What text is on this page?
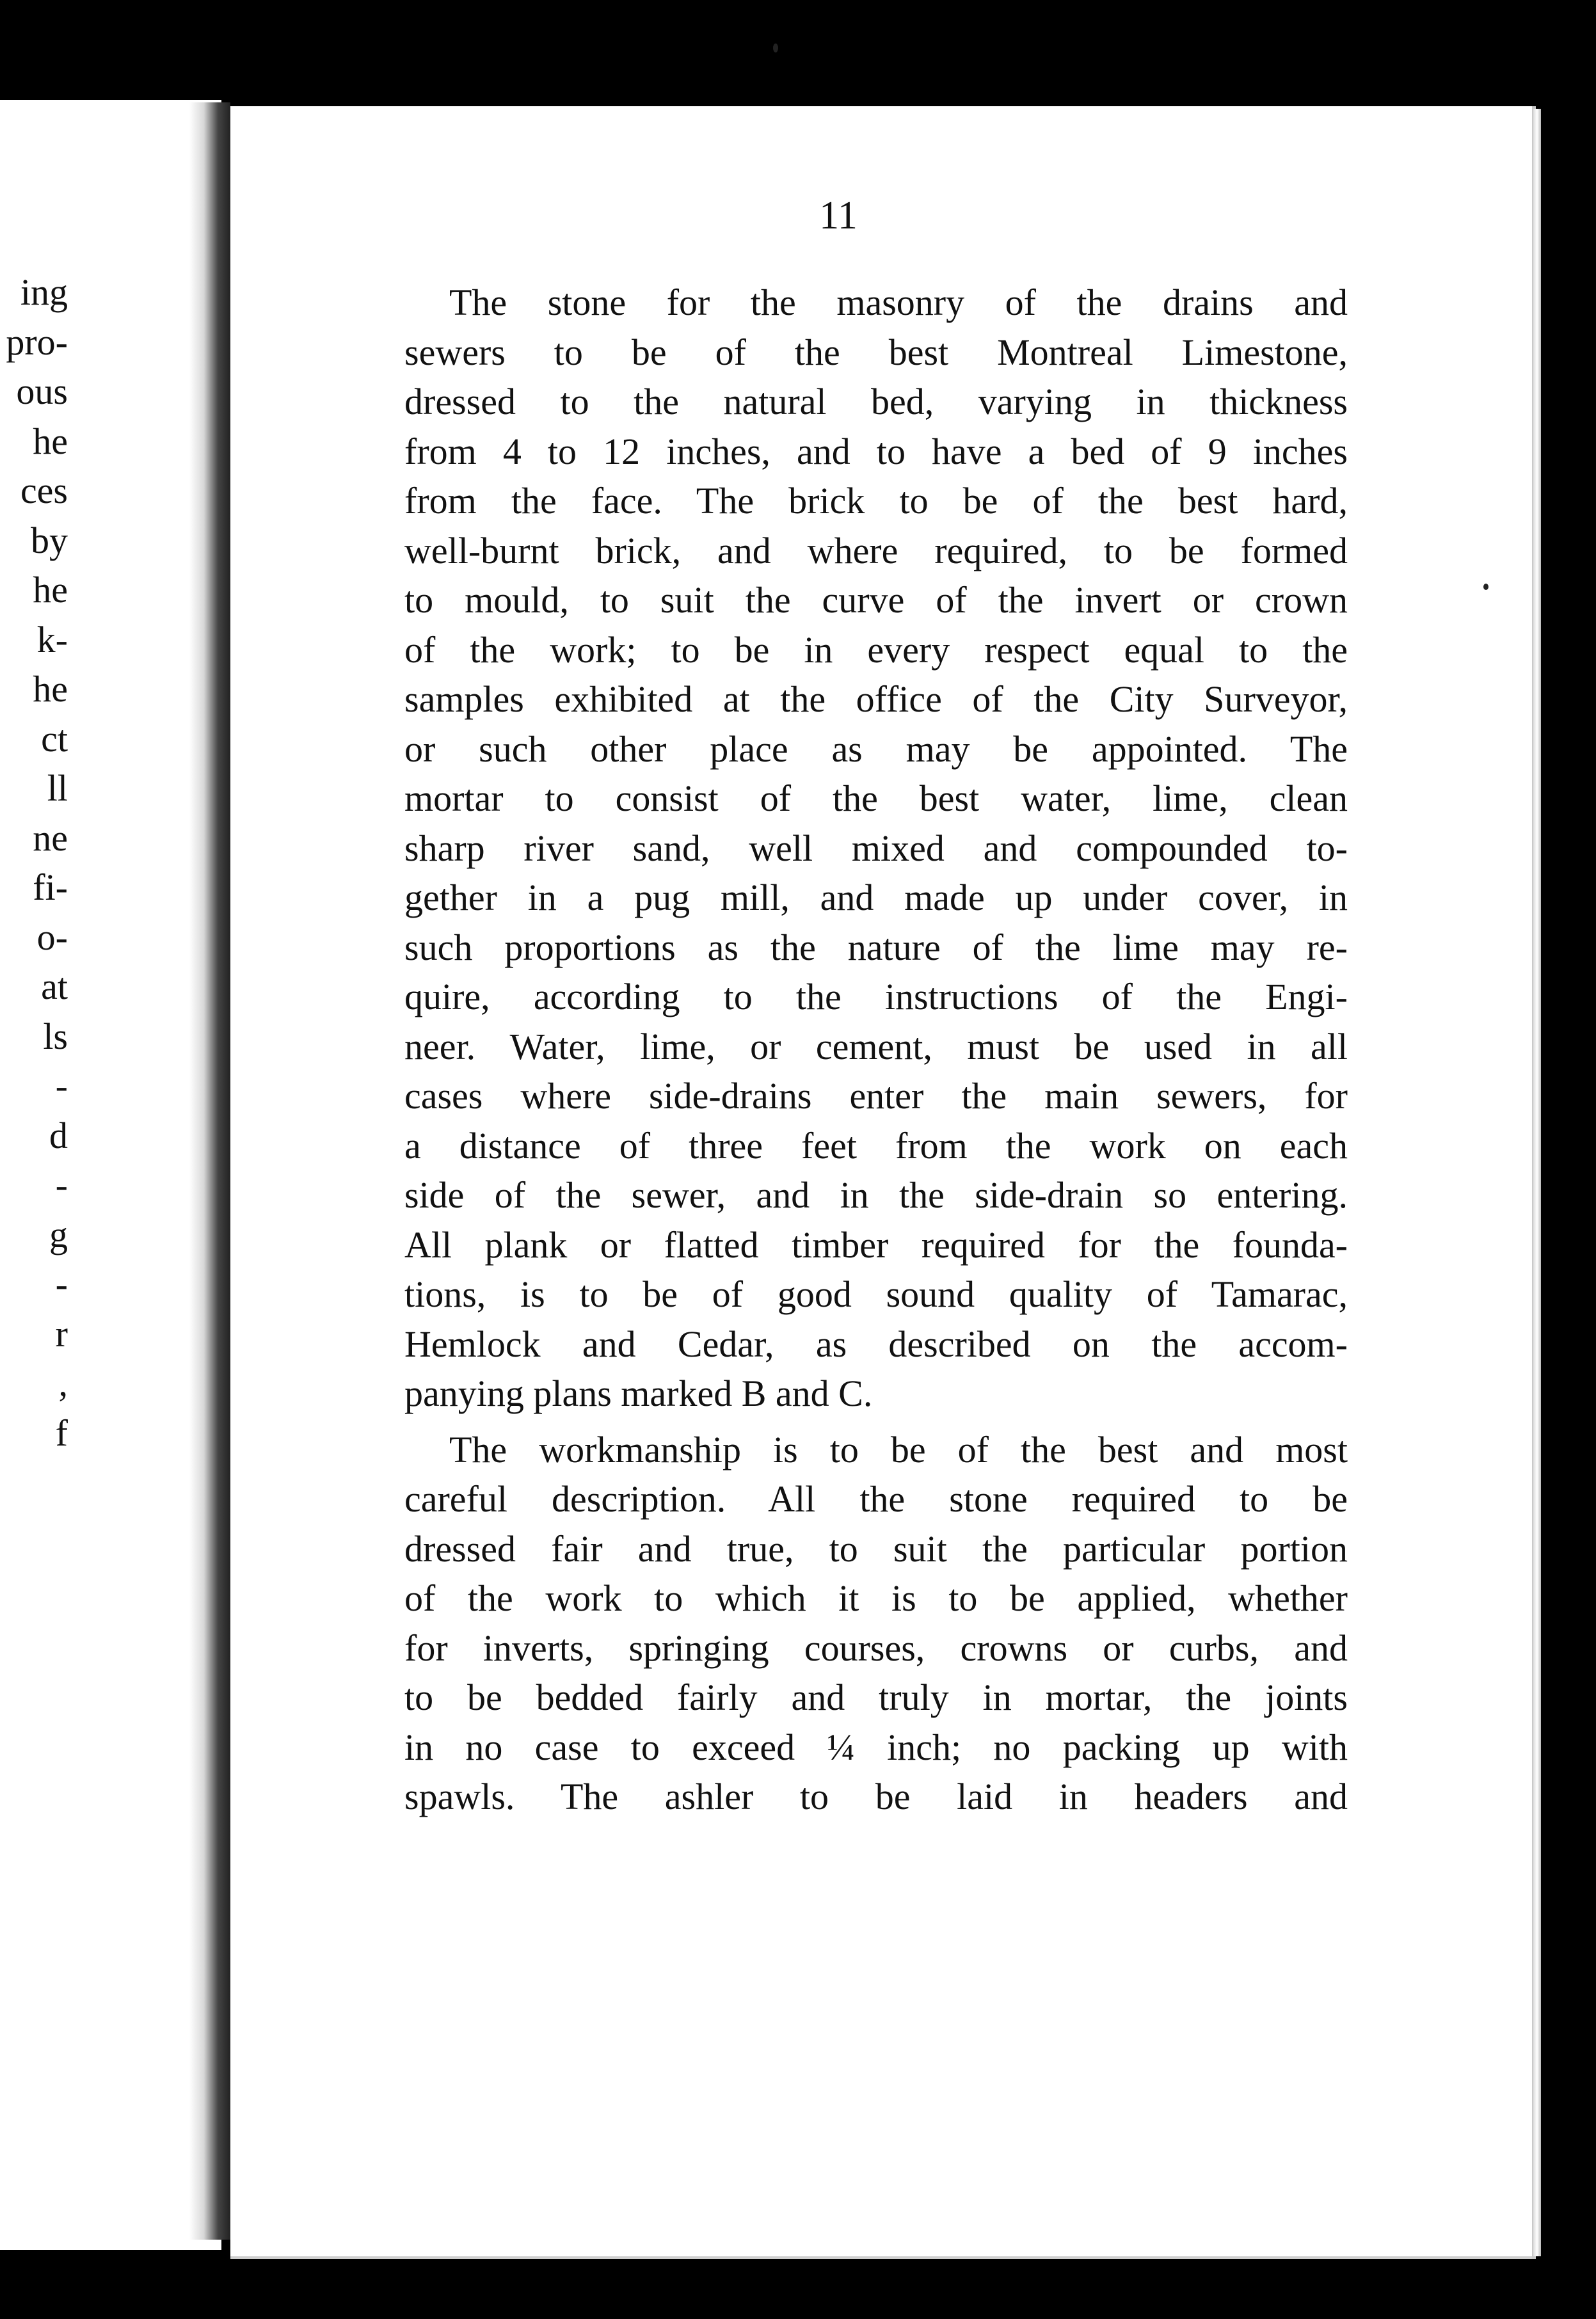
ing
pro-
ous
he
ces
by
he
k-
he
ct
ll
ne
fi-
o-
at
ls
-
d
-
g
-
r
,
f

11

The stone for the masonry of the drains and
sewers to be of the best Montreal Limestone,
dressed to the natural bed, varying in thickness
from 4 to 12 inches, and to have a bed of 9 inches
from the face. The brick to be of the best hard,
well-burnt brick, and where required, to be formed
to mould, to suit the curve of the invert or crown
of the work; to be in every respect equal to the
samples exhibited at the office of the City Surveyor,
or such other place as may be appointed. The
mortar to consist of the best water, lime, clean
sharp river sand, well mixed and compounded to-
gether in a pug mill, and made up under cover, in
such proportions as the nature of the lime may re-
quire, according to the instructions of the Engi-
neer. Water, lime, or cement, must be used in all
cases where side-drains enter the main sewers, for
a distance of three feet from the work on each
side of the sewer, and in the side-drain so entering.
All plank or flatted timber required for the founda-
tions, is to be of good sound quality of Tamarac,
Hemlock and Cedar, as described on the accom-
panying plans marked B and C.
The workmanship is to be of the best and most
careful description. All the stone required to be
dressed fair and true, to suit the particular portion
of the work to which it is to be applied, whether
for inverts, springing courses, crowns or curbs, and
to be bedded fairly and truly in mortar, the joints
in no case to exceed ¼ inch; no packing up with
spawls. The ashler to be laid in headers and
